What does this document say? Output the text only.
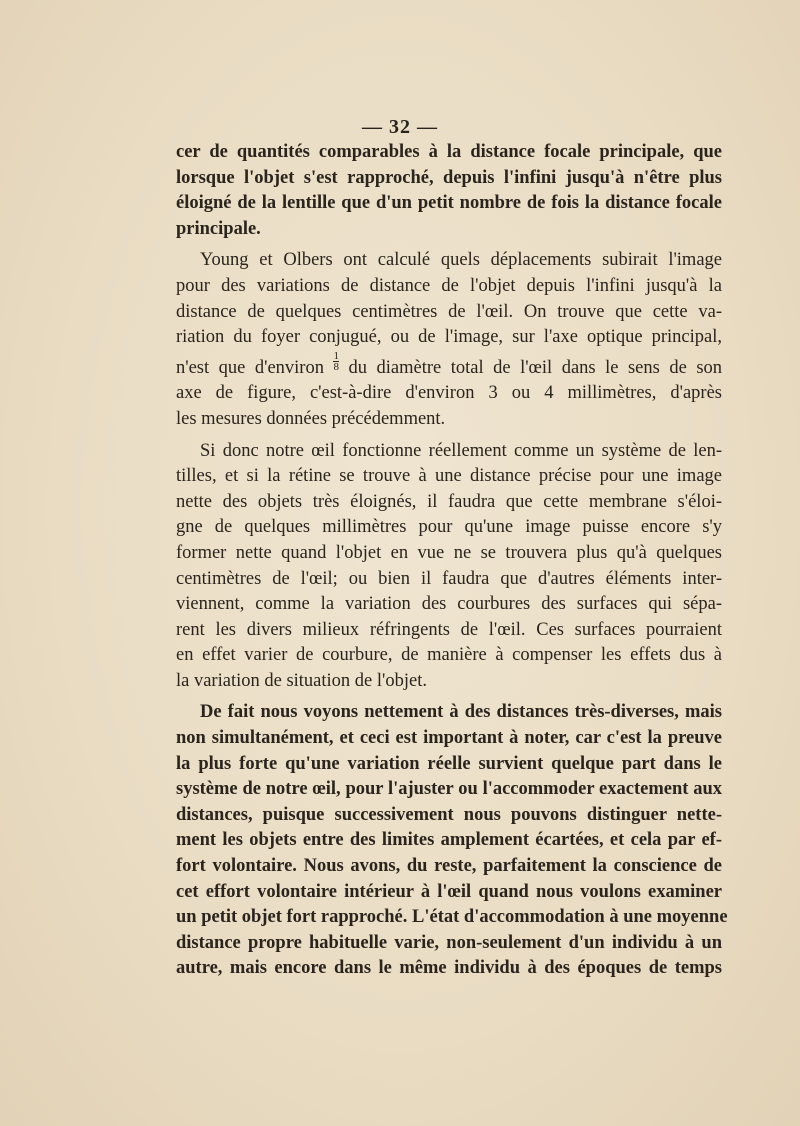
— 32 —
cer de quantités comparables à la distance focale principale, que
lorsque l'objet s'est rapproché, depuis l'infini jusqu'à n'être plus
éloigné de la lentille que d'un petit nombre de fois la distance focale
principale.
Young et Olbers ont calculé quels déplacements subirait l'image
pour des variations de distance de l'objet depuis l'infini jusqu'à la
distance de quelques centimètres de l'œil. On trouve que cette va-
riation du foyer conjugué, ou de l'image, sur l'axe optique principal,
n'est que d'environ $\frac{1}{8}$ du diamètre total de l'œil dans le sens de son
axe de figure, c'est-à-dire d'environ 3 ou 4 millimètres, d'après
les mesures données précédemment.
Si donc notre œil fonctionne réellement comme un système de len-
tilles, et si la rétine se trouve à une distance précise pour une image
nette des objets très éloignés, il faudra que cette membrane s'éloi-
gne de quelques millimètres pour qu'une image puisse encore s'y
former nette quand l'objet en vue ne se trouvera plus qu'à quelques
centimètres de l'œil; ou bien il faudra que d'autres éléments inter-
viennent, comme la variation des courbures des surfaces qui sépa-
rent les divers milieux réfringents de l'œil. Ces surfaces pourraient
en effet varier de courbure, de manière à compenser les effets dus à
la variation de situation de l'objet.
De fait nous voyons nettement à des distances très-diverses, mais
non simultanément, et ceci est important à noter, car c'est la preuve
la plus forte qu'une variation réelle survient quelque part dans le
système de notre œil, pour l'ajuster ou l'accommoder exactement aux
distances, puisque successivement nous pouvons distinguer nette-
ment les objets entre des limites amplement écartées, et cela par ef-
fort volontaire. Nous avons, du reste, parfaitement la conscience de
cet effort volontaire intérieur à l'œil quand nous voulons examiner
un petit objet fort rapproché. L'état d'accommodation à une moyenne
distance propre habituelle varie, non-seulement d'un individu à un
autre, mais encore dans le même individu à des époques de temps
